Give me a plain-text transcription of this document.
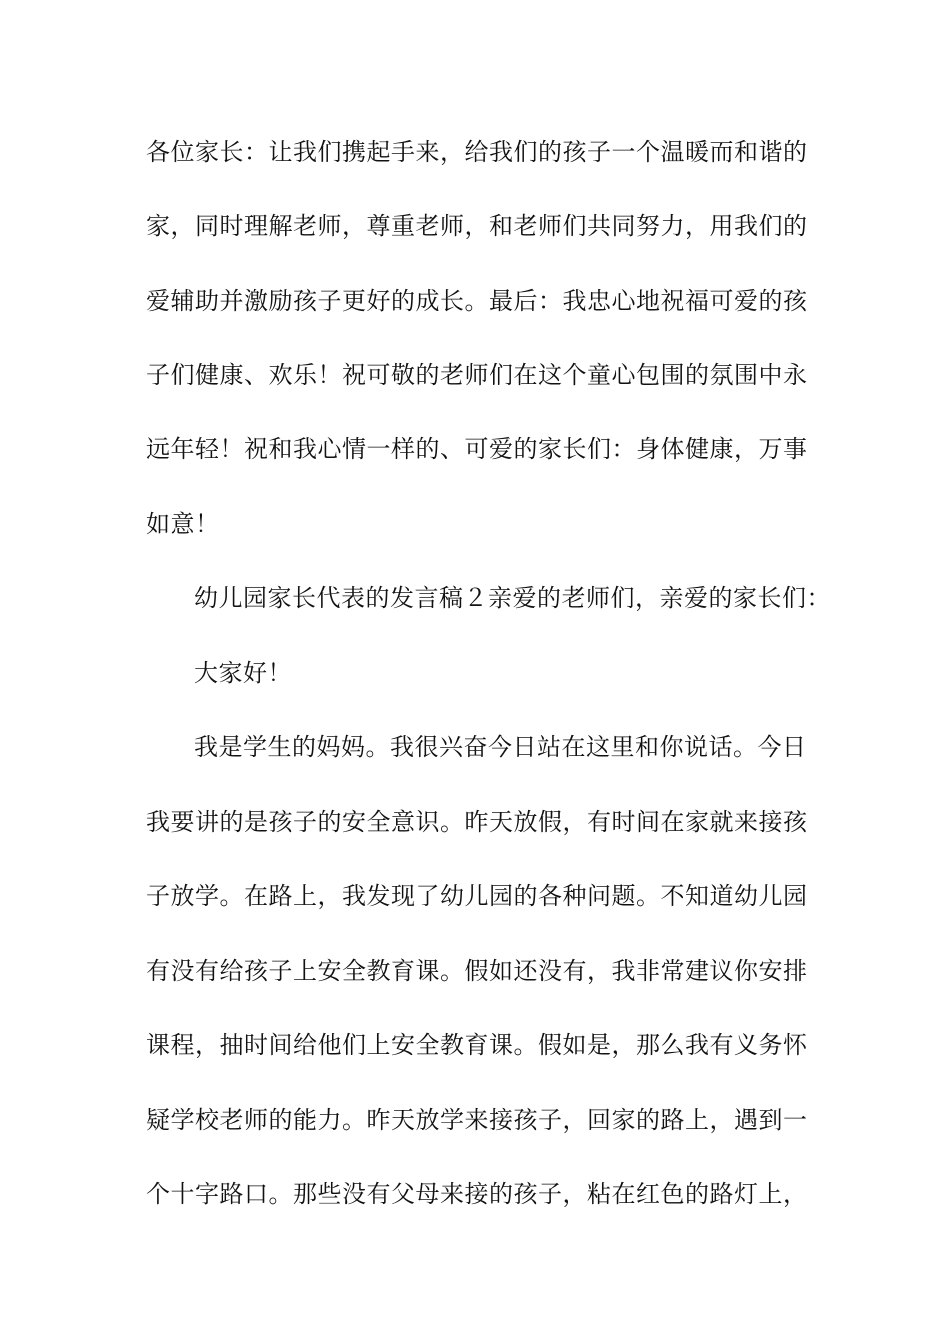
各位家长：让我们携起手来，给我们的孩子一个温暖而和谐的
家，同时理解老师，尊重老师，和老师们共同努力，用我们的
爱辅助并激励孩子更好的成长。最后：我忠心地祝福可爱的孩
子们健康、欢乐！祝可敬的老师们在这个童心包围的氛围中永
远年轻！祝和我心情一样的、可爱的家长们：身体健康，万事
如意！
幼儿园家长代表的发言稿２亲爱的老师们，亲爱的家长们：
大家好！
我是学生的妈妈。我很兴奋今日站在这里和你说话。今日
我要讲的是孩子的安全意识。昨天放假，有时间在家就来接孩
子放学。在路上，我发现了幼儿园的各种问题。不知道幼儿园
有没有给孩子上安全教育课。假如还没有，我非常建议你安排
课程，抽时间给他们上安全教育课。假如是，那么我有义务怀
疑学校老师的能力。昨天放学来接孩子，回家的路上，遇到一
个十字路口。那些没有父母来接的孩子，粘在红色的路灯上，
